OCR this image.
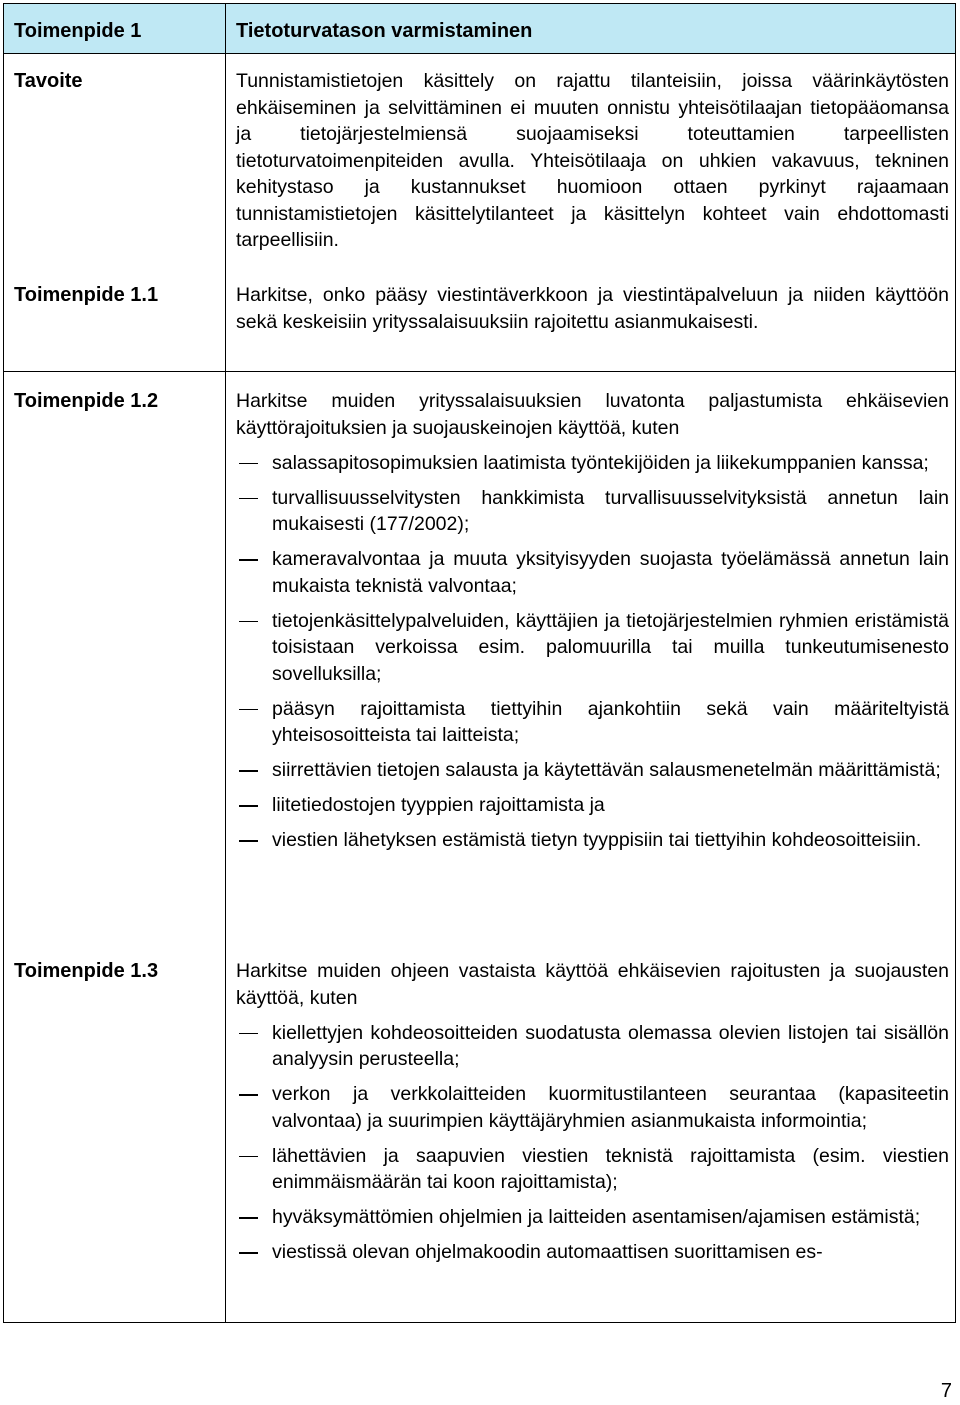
Toimenpide 1	Tietoturvatason varmistaminen
Tavoite	Tunnistamistietojen käsittely on rajattu tilanteisiin, joissa väärinkäytösten ehkäiseminen ja selvittäminen ei muuten onnistu yhteisötilaajan tietopääomansa ja tietojärjestelmiensä suojaamiseksi toteuttamien tarpeellisten tietoturvatoimenpiteiden avulla. Yhteisötilaaja on uhkien vakavuus, tekninen kehitystaso ja kustannukset huomioon ottaen pyrkinyt rajaamaan tunnistamistietojen käsittelytilanteet ja käsittelyn kohteet vain ehdottomasti tarpeellisiin.

Toimenpide 1.1	Harkitse, onko pääsy viestintäverkkoon ja viestintäpalveluun ja niiden käyttöön sekä keskeisiin yrityssalaisuuksiin rajoitettu asianmukaisesti.

Toimenpide 1.2	Harkitse muiden yrityssalaisuuksien luvatonta paljastumista ehkäisevien käyttörajoituksien ja suojauskeinojen käyttöä, kuten

salassapitosopimuksien laatimista työntekijöiden ja liikekumppanien kanssa;
turvallisuusselvitysten hankkimista turvallisuusselvityksistä annetun lain mukaisesti (177/2002);
kameravalvontaa ja muuta yksityisyyden suojasta työelämässä annetun lain mukaista teknistä valvontaa;
tietojenkäsittelypalveluiden, käyttäjien ja tietojärjestelmien ryhmien eristämistä toisistaan verkoissa esim. palomuurilla tai muilla tunkeutumisenesto sovelluksilla;
pääsyn rajoittamista tiettyihin ajankohtiin sekä vain määriteltyistä yhteisosoitteista tai laitteista;
siirrettävien tietojen salausta ja käytettävän salausmenetelmän määrittämistä;
liitetiedostojen tyyppien rajoittamista ja
viestien lähetyksen estämistä tietyn tyyppisiin tai tiettyihin kohdeosoitteisiin.
Toimenpide 1.3	Harkitse muiden ohjeen vastaista käyttöä ehkäisevien rajoitusten ja suojausten käyttöä, kuten

kiellettyjen kohdeosoitteiden suodatusta olemassa olevien listojen tai sisällön analyysin perusteella;
verkon ja verkkolaitteiden kuormitustilanteen seurantaa (kapasiteetin valvontaa) ja suurimpien käyttäjäryhmien asianmukaista informointia;
lähettävien ja saapuvien viestien teknistä rajoittamista (esim. viestien enimmäismäärän tai koon rajoittamista);
hyväksymättömien ohjelmien ja laitteiden asentamisen/ajamisen estämistä;
viestissä olevan ohjelmakoodin automaattisen suorittamisen es-
7
